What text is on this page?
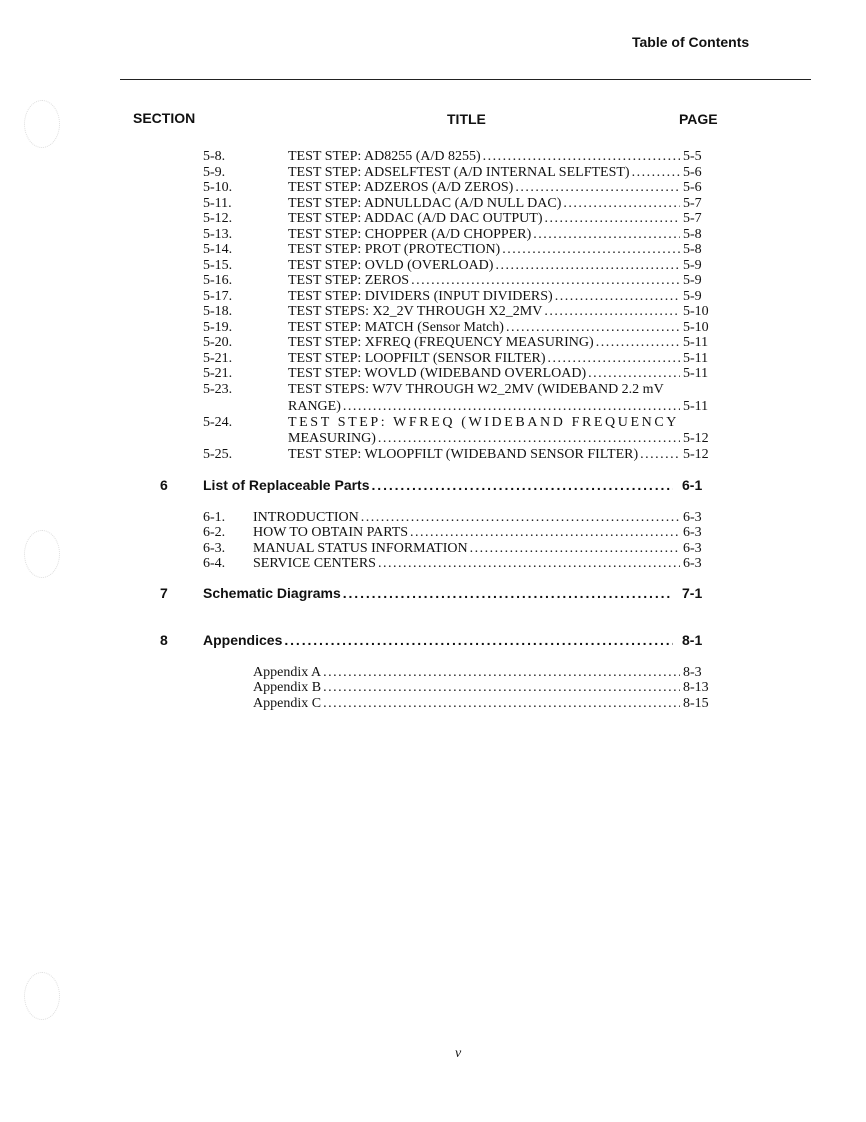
Table of Contents
SECTION	TITLE	PAGE
5-8.	TEST STEP: AD8255 (A/D 8255) . . .	5-5
5-9.	TEST STEP: ADSELFTEST (A/D INTERNAL SELFTEST) . . .	5-6
5-10.	TEST STEP: ADZEROS (A/D ZEROS) . . .	5-6
5-11.	TEST STEP: ADNULLDAC (A/D NULL DAC) . . .	5-7
5-12.	TEST STEP: ADDAC (A/D DAC OUTPUT) . . .	5-7
5-13.	TEST STEP: CHOPPER (A/D CHOPPER) . . .	5-8
5-14.	TEST STEP: PROT (PROTECTION) . . .	5-8
5-15.	TEST STEP: OVLD (OVERLOAD) . . .	5-9
5-16.	TEST STEP: ZEROS . . .	5-9
5-17.	TEST STEP: DIVIDERS (INPUT DIVIDERS) . . .	5-9
5-18.	TEST STEPS: X2_2V THROUGH X2_2MV . . .	5-10
5-19.	TEST STEP: MATCH (Sensor Match) . . .	5-10
5-20.	TEST STEP: XFREQ (FREQUENCY MEASURING) . . .	5-11
5-21.	TEST STEP: LOOPFILT (SENSOR FILTER) . . .	5-11
5-21.	TEST STEP: WOVLD (WIDEBAND OVERLOAD) . . .	5-11
5-23.	TEST STEPS: W7V THROUGH W2_2MV (WIDEBAND 2.2 mV
RANGE) . . .	5-11
5-24.	TEST STEP: WFREQ (WIDEBAND FREQUENCY
MEASURING) . . .	5-12
5-25.	TEST STEP: WLOOPFILT (WIDEBAND SENSOR FILTER) . . .	5-12
6	List of Replaceable Parts . . .	6-1
6-1. INTRODUCTION . . .	6-3
6-2. HOW TO OBTAIN PARTS . . .	6-3
6-3. MANUAL STATUS INFORMATION . . .	6-3
6-4. SERVICE CENTERS . . .	6-3
7	Schematic Diagrams . . .	7-1
8	Appendices . . .	8-1
Appendix A . . .	8-3
Appendix B . . .	8-13
Appendix C . . .	8-15
v
